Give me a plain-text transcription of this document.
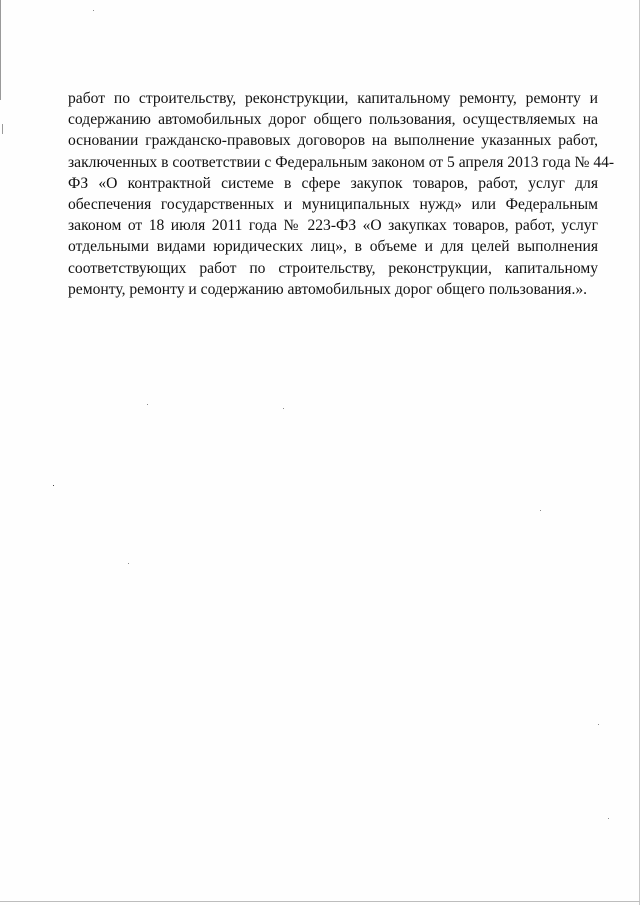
работ по строительству, реконструкции, капитальному ремонту, ремонту и
содержанию автомобильных дорог общего пользования, осуществляемых на
основании гражданско-правовых договоров на выполнение указанных работ,
заключенных в соответствии с Федеральным законом от 5 апреля 2013 года № 44-
ФЗ «О контрактной системе в сфере закупок товаров, работ, услуг для
обеспечения государственных и муниципальных нужд» или Федеральным
законом от 18 июля 2011 года № 223-ФЗ «О закупках товаров, работ, услуг
отдельными видами юридических лиц», в объеме и для целей выполнения
соответствующих работ по строительству, реконструкции, капитальному
ремонту, ремонту и содержанию автомобильных дорог общего пользования.».
